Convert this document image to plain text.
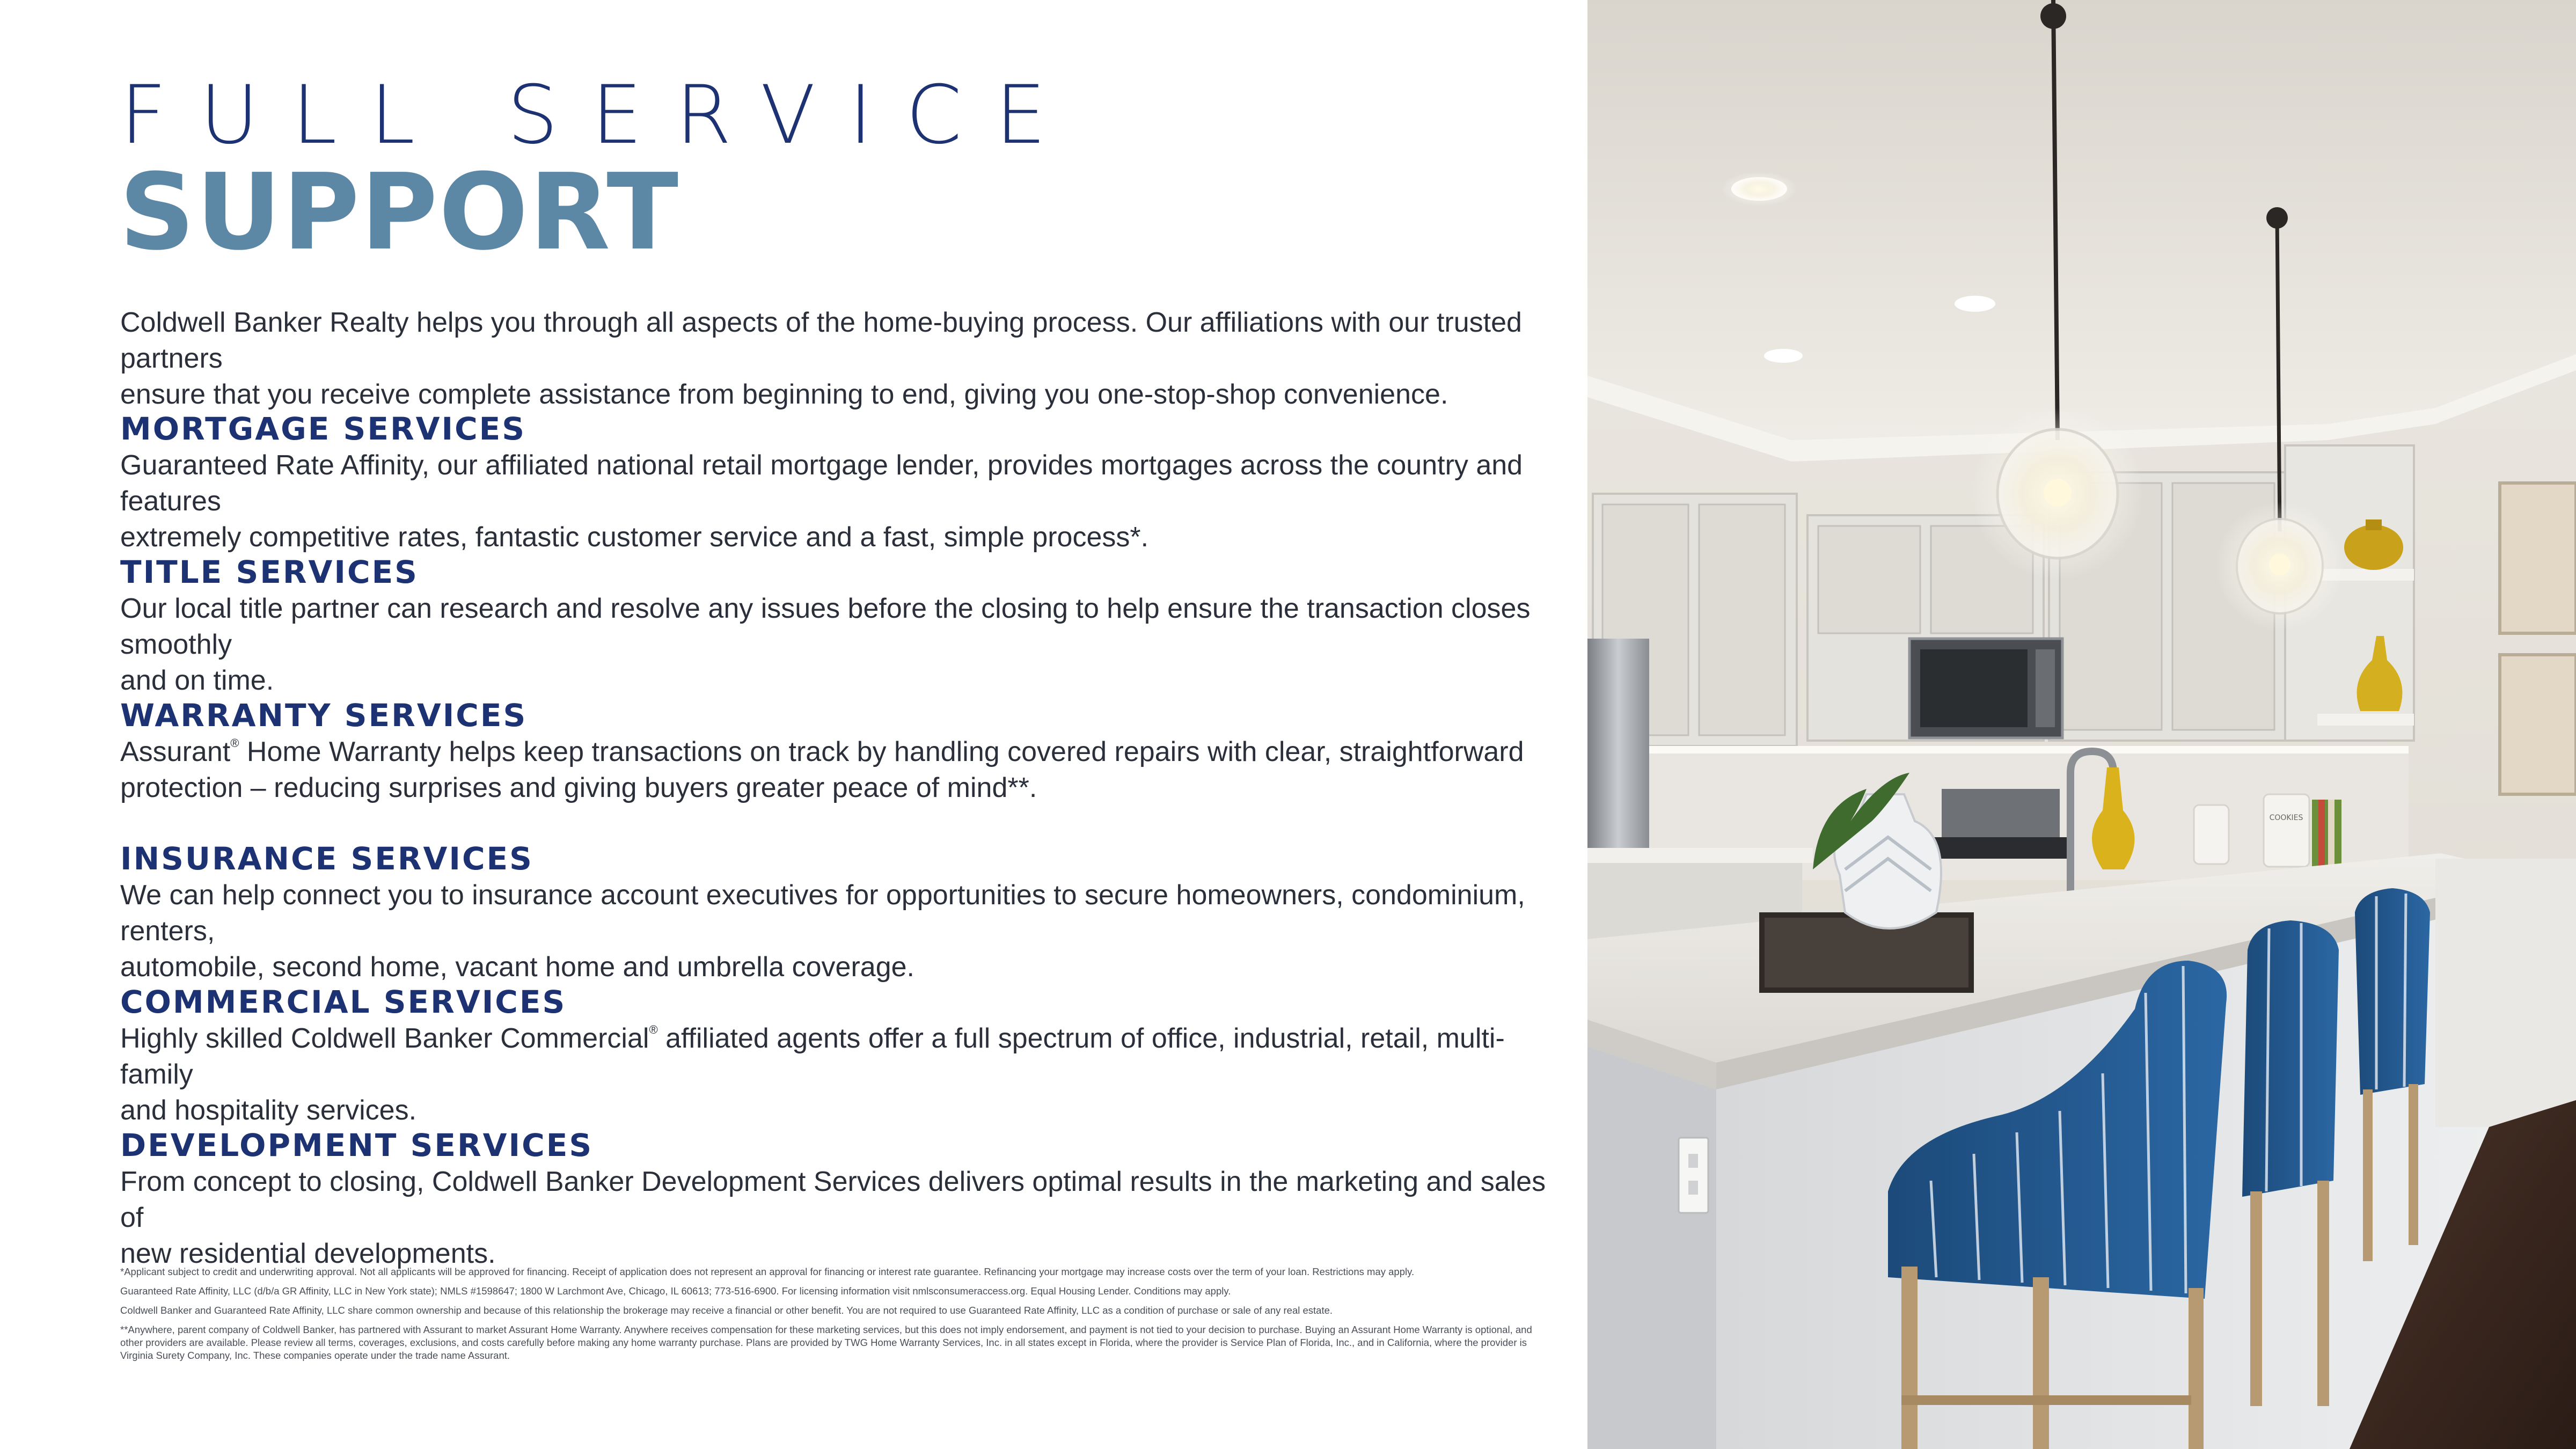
FULL SERVICE
SUPPORT
Coldwell Banker Realty helps you through all aspects of the home-buying process. Our affiliations with our trusted partners
ensure that you receive complete assistance from beginning to end, giving you one-stop-shop convenience.
MORTGAGE SERVICES

Guaranteed Rate Affinity, our affiliated national retail mortgage lender, provides mortgages across the country and features
extremely competitive rates, fantastic customer service and a fast, simple process*.

TITLE SERVICES

Our local title partner can research and resolve any issues before the closing to help ensure the transaction closes smoothly
and on time.

WARRANTY SERVICES

Assurant® Home Warranty helps keep transactions on track by handling covered repairs with clear, straightforward
protection – reducing surprises and giving buyers greater peace of mind**.

INSURANCE SERVICES

We can help connect you to insurance account executives for opportunities to secure homeowners, condominium, renters,
automobile, second home, vacant home and umbrella coverage.

COMMERCIAL SERVICES

Highly skilled Coldwell Banker Commercial® affiliated agents offer a full spectrum of office, industrial, retail, multi-family
and hospitality services.

DEVELOPMENT SERVICES

From concept to closing, Coldwell Banker Development Services delivers optimal results in the marketing and sales of
new residential developments.

*Applicant subject to credit and underwriting approval. Not all applicants will be approved for financing. Receipt of application does not represent an approval for financing or interest rate guarantee. Refinancing your mortgage may increase costs over the term of your loan. Restrictions may apply.

Guaranteed Rate Affinity, LLC (d/b/a GR Affinity, LLC in New York state); NMLS #1598647; 1800 W Larchmont Ave, Chicago, IL 60613; 773-516-6900. For licensing information visit nmlsconsumeraccess.org. Equal Housing Lender. Conditions may apply.

Coldwell Banker and Guaranteed Rate Affinity, LLC share common ownership and because of this relationship the brokerage may receive a financial or other benefit. You are not required to use Guaranteed Rate Affinity, LLC as a condition of purchase or sale of any real estate.

**Anywhere, parent company of Coldwell Banker, has partnered with Assurant to market Assurant Home Warranty. Anywhere receives compensation for these marketing services, but this does not imply endorsement, and payment is not tied to your decision to purchase. Buying an Assurant Home Warranty is optional, and other providers are available. Please review all terms, coverages, exclusions, and costs carefully before making any home warranty purchase. Plans are provided by TWG Home Warranty Services, Inc. in all states except in Florida, where the provider is Service Plan of Florida, Inc., and in California, where the provider is Virginia Surety Company, Inc. These companies operate under the trade name Assurant.

COOKIES
